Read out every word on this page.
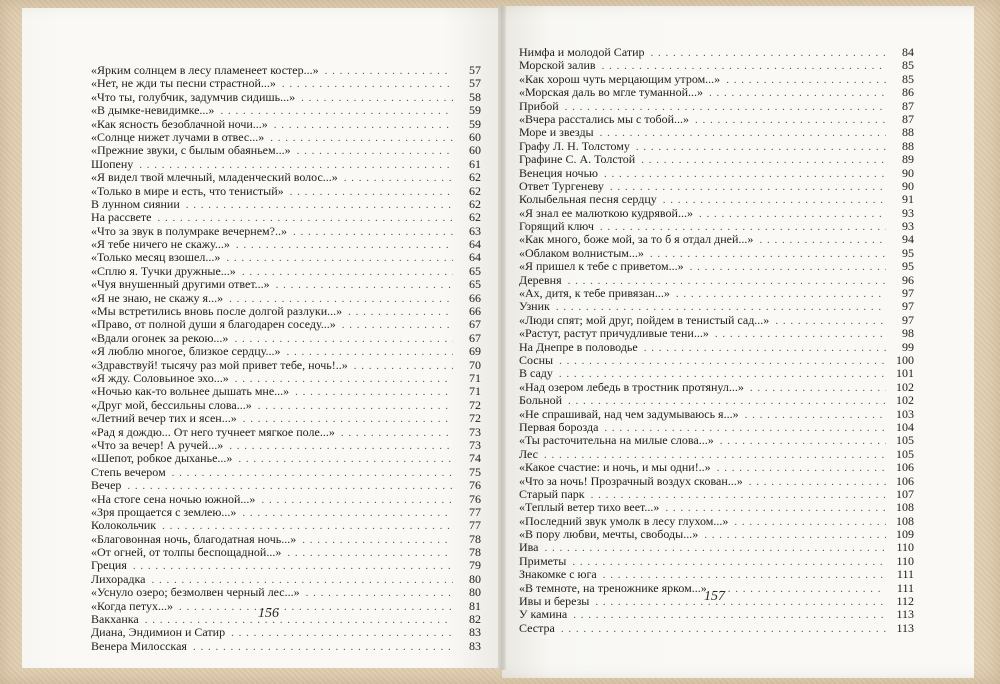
«Ярким солнцем в лесу пламенеет костер...» . . .	57
«Нет, не жди ты песни страстной...» . . .	57
«Что ты, голубчик, задумчив сидишь...» . . .	58
«В дымке-невидимке...» . . .	59
«Как ясность безоблачной ночи...» . . .	59
«Солнце нижет лучами в отвес...» . . .	60
«Прежние звуки, с былым обаяньем...» . . .	60
Шопену . . .	61
«Я видел твой млечный, младенческий волос...» . . .	62
«Только в мире и есть, что тенистый» . . .	62
В лунном сиянии . . .	62
На рассвете . . .	62
«Что за звук в полумраке вечернем?..» . . .	63
«Я тебе ничего не скажу...» . . .	64
«Только месяц взошел...» . . .	64
«Сплю я. Тучки дружные...» . . .	65
«Чуя внушенный другими ответ...» . . .	65
«Я не знаю, не скажу я...» . . .	66
«Мы встретились вновь после долгой разлуки...» . . .	66
«Право, от полной души я благодарен соседу...» . . .	67
«Вдали огонек за рекою...» . . .	67
«Я люблю многое, близкое сердцу...» . . .	69
«Здравствуй! тысячу раз мой привет тебе, ночь!..» . . .	70
«Я жду. Соловьиное эхо...» . . .	71
«Ночью как-то вольнее дышать мне...» . . .	71
«Друг мой, бессильны слова...» . . .	72
«Летний вечер тих и ясен...» . . .	72
«Рад я дождю... От него тучнеет мягкое поле...» . . .	73
«Что за вечер! А ручей...» . . .	73
«Шепот, робкое дыханье...» . . .	74
Степь вечером . . .	75
Вечер . . .	76
«На стоге сена ночью южной...» . . .	76
«Зря прощается с землею...» . . .	77
Колокольчик . . .	77
«Благовонная ночь, благодатная ночь...» . . .	78
«От огней, от толпы беспощадной...» . . .	78
Греция . . .	79
Лихорадка . . .	80
«Уснуло озеро; безмолвен черный лес...» . . .	80
«Когда петух...» . . .	81
Вакханка . . .	82
Диана, Эндимион и Сатир . . .	83
Венера Милосская . . .	83
156
Нимфа и молодой Сатир . . .	84
Морской залив . . .	85
«Как хорош чуть мерцающим утром...» . . .	85
«Морская даль во мгле туманной...» . . .	86
Прибой . . .	87
«Вчера расстались мы с тобой...» . . .	87
Море и звезды . . .	88
Графу Л. Н. Толстому . . .	88
Графине С. А. Толстой . . .	89
Венеция ночью . . .	90
Ответ Тургеневу . . .	90
Колыбельная песня сердцу . . .	91
«Я знал ее малюткою кудрявой...» . . .	93
Горящий ключ . . .	93
«Как много, боже мой, за то б я отдал дней...» . . .	94
«Облаком волнистым...» . . .	95
«Я пришел к тебе с приветом...» . . .	95
Деревня . . .	96
«Ах, дитя, к тебе привязан...» . . .	97
Узник . . .	97
«Люди спят; мой друг, пойдем в тенистый сад...» . . .	97
«Растут, растут причудливые тени...» . . .	98
На Днепре в половодье . . .	99
Сосны . . .	100
В саду . . .	101
«Над озером лебедь в тростник протянул...» . . .	102
Больной . . .	102
«Не спрашивай, над чем задумываюсь я...» . . .	103
Первая борозда . . .	104
«Ты расточительна на милые слова...» . . .	105
Лес . . .	105
«Какое счастие: и ночь, и мы одни!..» . . .	106
«Что за ночь! Прозрачный воздух скован...» . . .	106
Старый парк . . .	107
«Теплый ветер тихо веет...» . . .	108
«Последний звук умолк в лесу глухом...» . . .	108
«В пору любви, мечты, свободы...» . . .	109
Ива . . .	110
Приметы . . .	110
Знакомке с юга . . .	111
«В темноте, на треножнике ярком...» . . .	111
Ивы и березы . . .	112
У камина . . .	113
Сестра . . .	113
157
